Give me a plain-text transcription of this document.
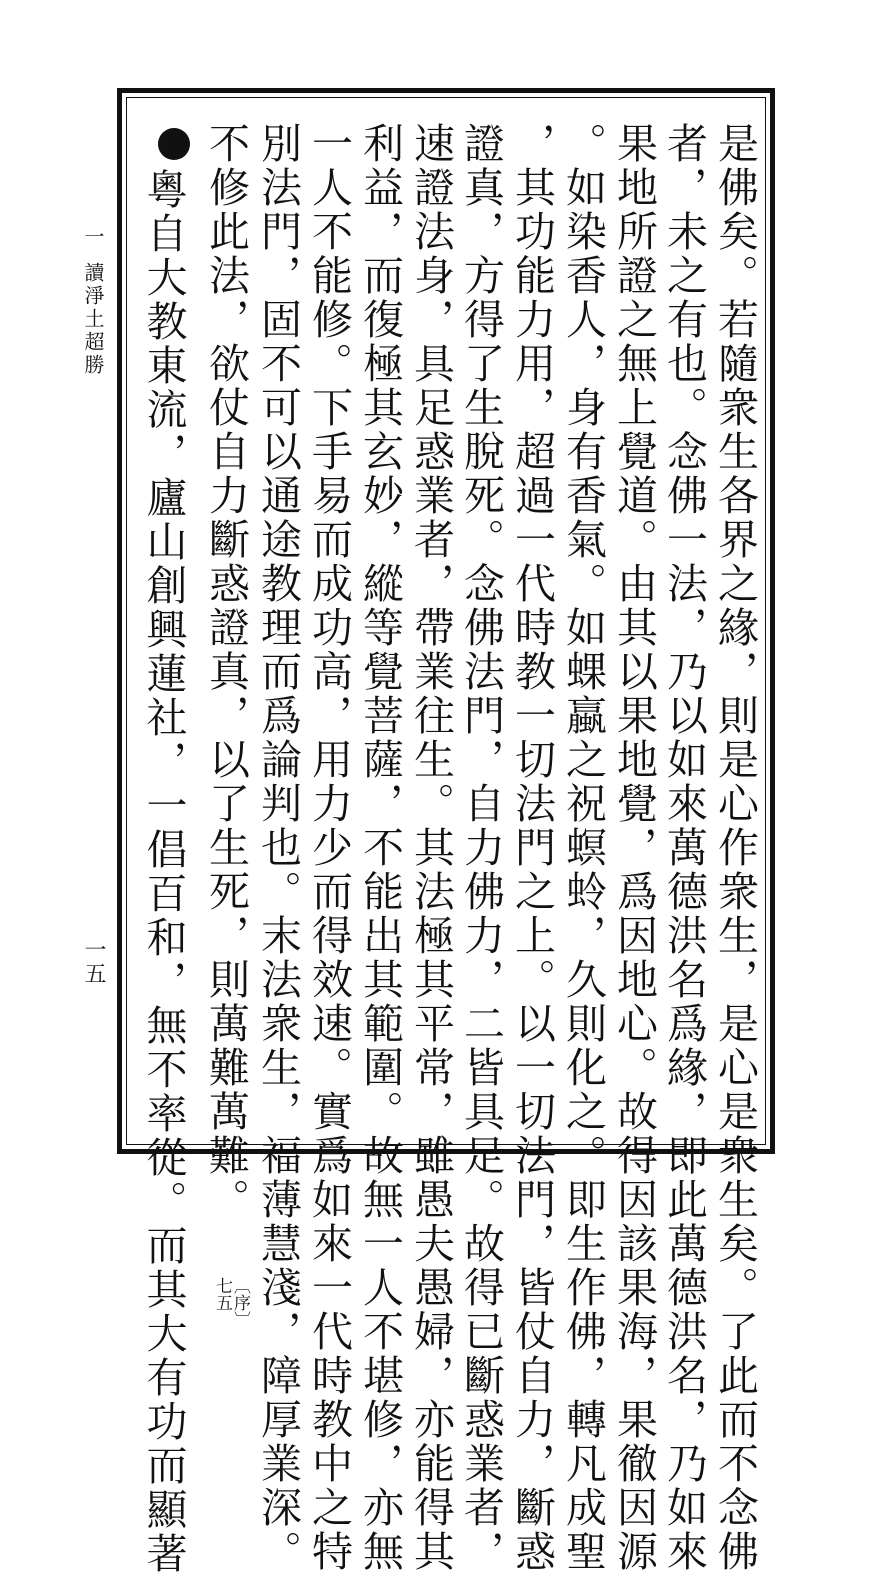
一
讀淨土超勝
一五	是佛矣。若隨衆生各界之緣，則是心作衆生，是心是衆生矣。了此而不念佛
者，未之有也。念佛一法，乃以如來萬德洪名爲緣，即此萬德洪名，乃如來
果地所證之無上覺道。由其以果地覺，爲因地心。故得因該果海，果徹因源
。如染香人，身有香氣。如蜾蠃之祝螟蛉，久則化之。即生作佛，轉凡成聖
，其功能力用，超過一代時教一切法門之上。以一切法門，皆仗自力，斷惑
證真，方得了生脫死。念佛法門，自力佛力，二皆具足。故得已斷惑業者，
速證法身，具足惑業者，帶業往生。其法極其平常，雖愚夫愚婦，亦能得其
利益，而復極其玄妙，縱等覺菩薩，不能出其範圍。故無一人不堪修，亦無
一人不能修。下手易而成功高，用力少而得效速。實爲如來一代時教中之特
別法門，固不可以通途教理而爲論判也。末法衆生，福薄慧淺，障厚業深。
不修此法，欲仗自力斷惑證真，以了生死，則萬難萬難。
〔序〕
七五
粵自大教東流，廬山創興蓮社，一倡百和，無不率從。而其大有功而顯著
